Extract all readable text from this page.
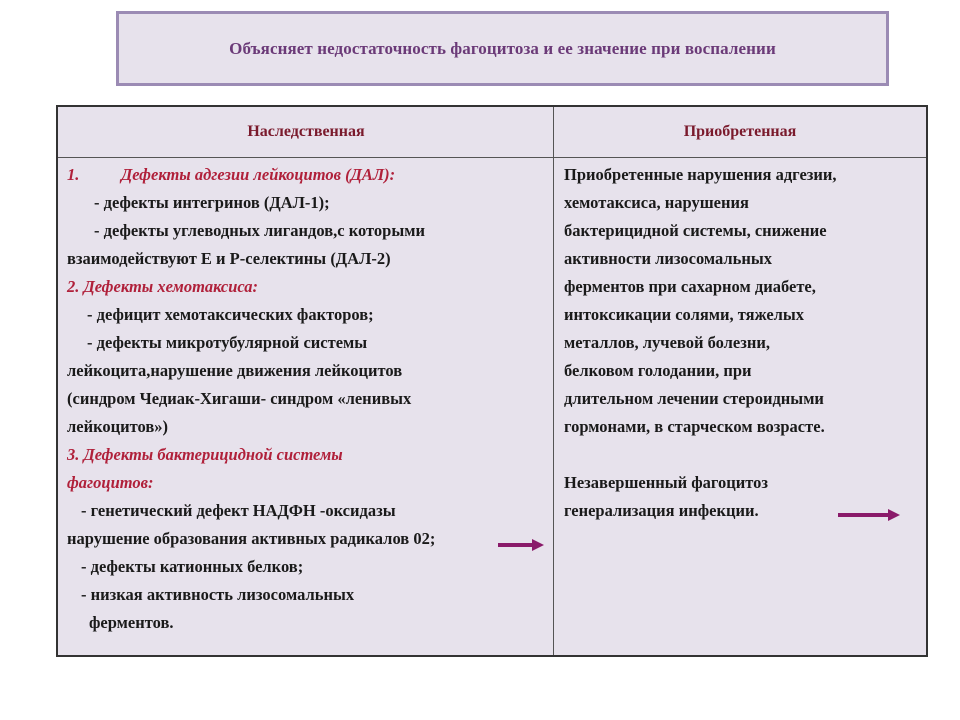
Объясняет недостаточность фагоцитоза и ее значение при воспалении
Наследственная	Приобретенная
1.	Дефекты адгезии лейкоцитов (ДАЛ):
- дефекты интегринов (ДАЛ-1);
- дефекты углеводных лигандов,с которыми
взаимодействуют Е и Р-селектины (ДАЛ-2)
2. Дефекты хемотаксиса:
- дефицит хемотаксических факторов;
- дефекты микротубулярной системы
лейкоцита,нарушение движения лейкоцитов
(синдром Чедиак-Хигаши- синдром «ленивых
лейкоцитов»)
3. Дефекты бактерицидной системы
фагоцитов:
- генетический дефект НАДФН -оксидазы
нарушение образования активных радикалов 02;
- дефекты катионных белков;
- низкая активность лизосомальных
ферментов.
Приобретенные нарушения адгезии,
хемотаксиса, нарушения
бактерицидной системы, снижение
активности лизосомальных
ферментов при сахарном диабете,
интоксикации солями, тяжелых
металлов, лучевой болезни,
белковом голодании, при
длительном лечении стероидными
гормонами, в старческом возрасте.
Незавершенный фагоцитоз
генерализация инфекции.
